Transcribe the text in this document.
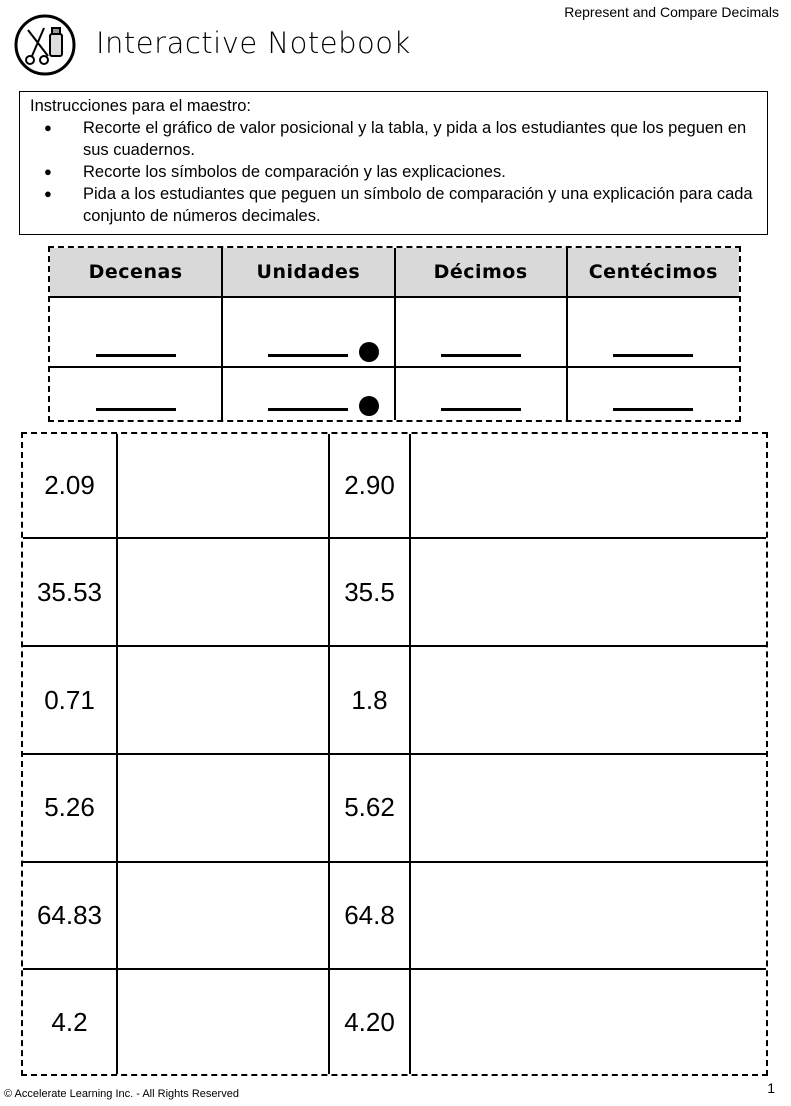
Represent and Compare Decimals
Interactive Notebook
Instrucciones para el maestro:
● Recorte el gráfico de valor posicional y la tabla, y pida a los estudiantes que los peguen en sus cuadernos.
● Recorte los símbolos de comparación y las explicaciones.
● Pida a los estudiantes que peguen un símbolo de comparación y una explicación para cada conjunto de números decimales.
Decenas	Unidades	Décimos	Centécimos

2.09		2.90	
35.53		35.5	
0.71		1.8	
5.26		5.62	
64.83		64.8	
4.2		4.20	
© Accelerate Learning Inc. - All Rights Reserved	1
